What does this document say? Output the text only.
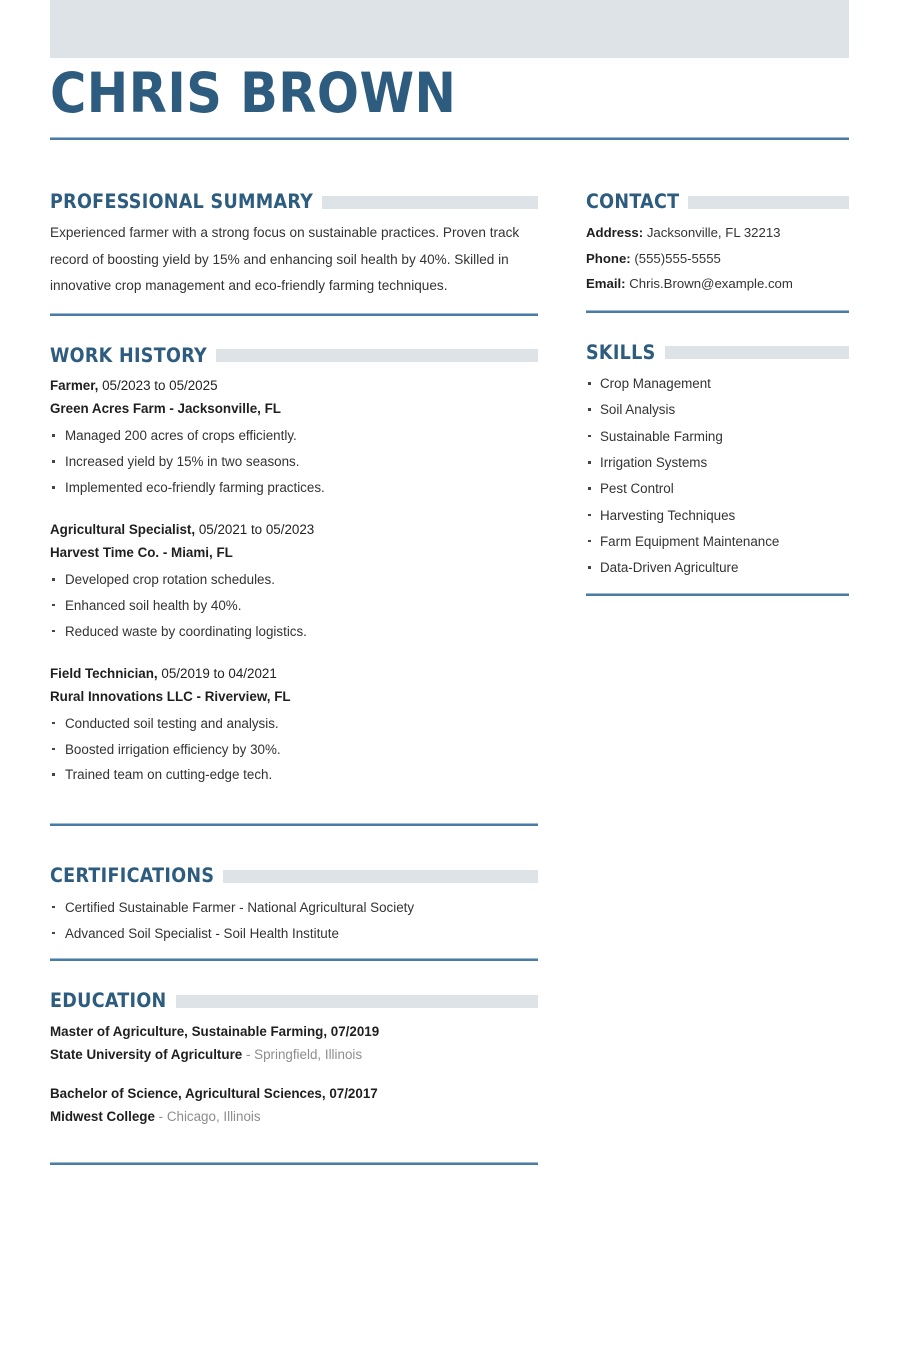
CHRIS BROWN
PROFESSIONAL SUMMARY

Experienced farmer with a strong focus on sustainable practices. Proven track record of boosting yield by 15% and enhancing soil health by 40%. Skilled in innovative crop management and eco-friendly farming techniques.

WORK HISTORY
Farmer, 05/2023 to 05/2025
Green Acres Farm - Jacksonville, FL
Managed 200 acres of crops efficiently.
Increased yield by 15% in two seasons.
Implemented eco-friendly farming practices.
Agricultural Specialist, 05/2021 to 05/2023
Harvest Time Co. - Miami, FL
Developed crop rotation schedules.
Enhanced soil health by 40%.
Reduced waste by coordinating logistics.
Field Technician, 05/2019 to 04/2021
Rural Innovations LLC - Riverview, FL
Conducted soil testing and analysis.
Boosted irrigation efficiency by 30%.
Trained team on cutting-edge tech.
CERTIFICATIONS
Certified Sustainable Farmer - National Agricultural Society
Advanced Soil Specialist - Soil Health Institute
EDUCATION
Master of Agriculture, Sustainable Farming, 07/2019
State University of Agriculture - Springfield, Illinois
Bachelor of Science, Agricultural Sciences, 07/2017
Midwest College - Chicago, Illinois
CONTACT
Address: Jacksonville, FL 32213
Phone: (555)555-5555
Email: Chris.Brown@example.com
SKILLS
Crop Management
Soil Analysis
Sustainable Farming
Irrigation Systems
Pest Control
Harvesting Techniques
Farm Equipment Maintenance
Data-Driven Agriculture
